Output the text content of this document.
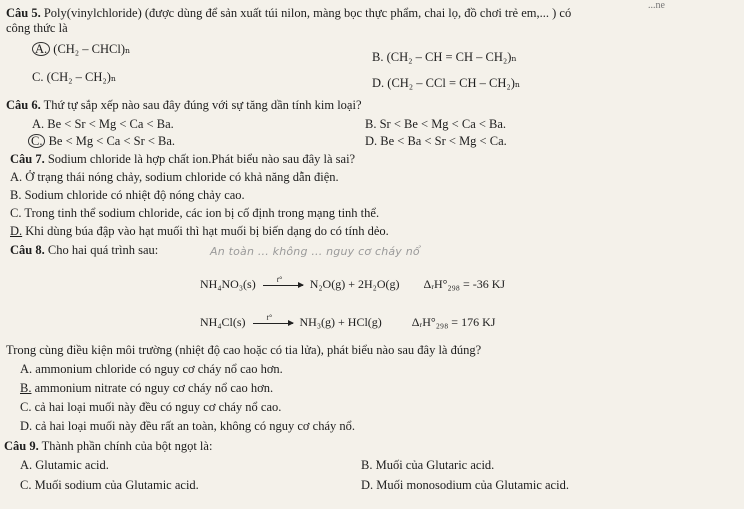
...ne
Câu 5. Poly(vinylchloride) (được dùng để sản xuất túi nilon, màng bọc thực phẩm, chai lọ, đồ chơi trẻ em,... ) có
công thức là
A. (CH₂ – CHCl)ₙ
B. (CH₂ – CH = CH – CH₂)ₙ
C. (CH₂ – CH₂)ₙ	D. (CH₂ – CCl = CH – CH₂)ₙ
Câu 6. Thứ tự sắp xếp nào sau đây đúng với sự tăng dần tính kim loại?
A. Be < Sr < Mg < Ca < Ba.	B. Sr < Be < Mg < Ca < Ba.
C. Be < Mg < Ca < Sr < Ba.	D. Be < Ba < Sr < Mg < Ca.
Câu 7. Sodium chloride là hợp chất ion.Phát biểu nào sau đây là sai?
A. Ở trạng thái nóng chảy, sodium chloride có khả năng dẫn điện.
B. Sodium chloride có nhiệt độ nóng chảy cao.
C. Trong tinh thể sodium chloride, các ion bị cố định trong mạng tinh thể.
D. Khi dùng búa đập vào hạt muối thì hạt muối bị biến dạng do có tính dẻo.
Câu 8. Cho hai quá trình sau:	An toàn ... không ... nguy cơ cháy nổ
NH₄NO₃(s)	t° N₂O(g) + 2H₂O(g) ΔᵣH°₂₉₈ = -36 KJ
NH₄Cl(s)	t° NH₃(g) + HCl(g)	ΔᵣH°₂₉₈ = 176 KJ
Trong cùng điều kiện môi trường (nhiệt độ cao hoặc có tia lửa), phát biểu nào sau đây là đúng?
A. ammonium chloride có nguy cơ cháy nổ cao hơn.
B. ammonium nitrate có nguy cơ cháy nổ cao hơn.
C. cả hai loại muối này đều có nguy cơ cháy nổ cao.
D. cả hai loại muối này đều rất an toàn, không có nguy cơ cháy nổ.
Câu 9. Thành phần chính của bột ngọt là:
A. Glutamic acid.	B. Muối của Glutaric acid.
C. Muối sodium của Glutamic acid.	D. Muối monosodium của Glutamic acid.
